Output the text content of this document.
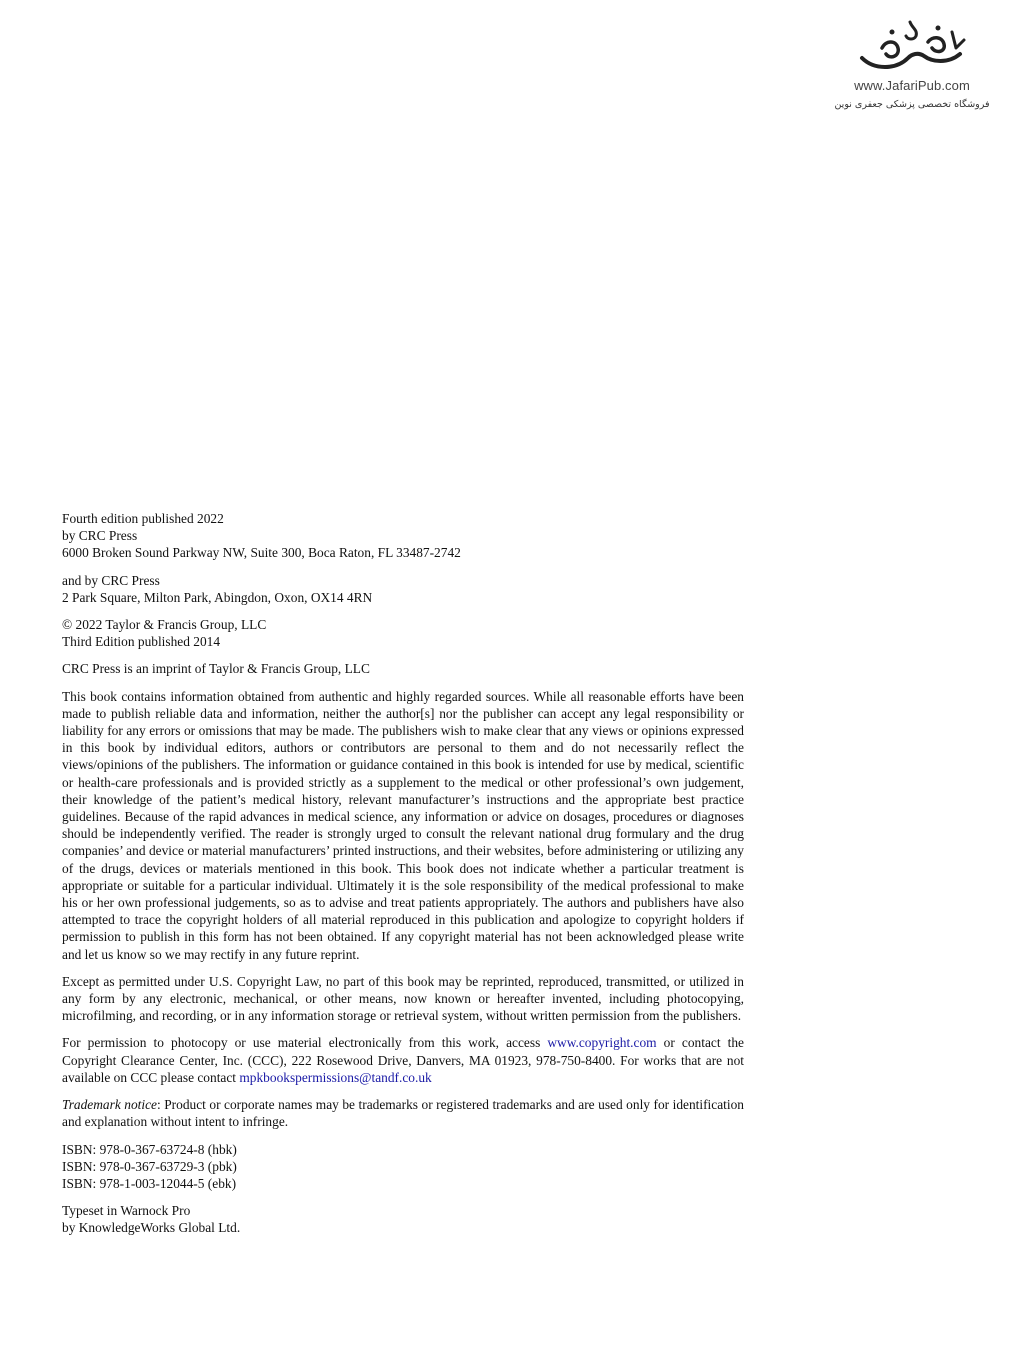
www.JafariPub.com
فروشگاه تخصصی پزشکی جعفری نوین
Fourth edition published 2022
by CRC Press
6000 Broken Sound Parkway NW, Suite 300, Boca Raton, FL 33487-2742
and by CRC Press
2 Park Square, Milton Park, Abingdon, Oxon, OX14 4RN
© 2022 Taylor & Francis Group, LLC
Third Edition published 2014
CRC Press is an imprint of Taylor & Francis Group, LLC

This book contains information obtained from authentic and highly regarded sources. While all reasonable efforts have been made to publish reliable data and information, neither the author[s] nor the publisher can accept any legal responsibility or liability for any errors or omissions that may be made. The publishers wish to make clear that any views or opinions expressed in this book by individual editors, authors or contributors are personal to them and do not necessarily reflect the views/opinions of the publishers. The information or guidance contained in this book is intended for use by medical, scientific or health-care professionals and is provided strictly as a supplement to the medical or other professional’s own judgement, their knowledge of the patient’s medical history, relevant manufacturer’s instructions and the appropriate best practice guidelines. Because of the rapid advances in medical science, any information or advice on dosages, procedures or diagnoses should be independently verified. The reader is strongly urged to consult the relevant national drug formulary and the drug companies’ and device or material manufacturers’ printed instructions, and their websites, before administering or utilizing any of the drugs, devices or materials mentioned in this book. This book does not indicate whether a particular treatment is appropriate or suitable for a particular individual. Ultimately it is the sole responsibility of the medical professional to make his or her own professional judgements, so as to advise and treat patients appropriately. The authors and publishers have also attempted to trace the copyright holders of all material reproduced in this publication and apologize to copyright holders if permission to publish in this form has not been obtained. If any copyright material has not been acknowledged please write and let us know so we may rectify in any future reprint.

Except as permitted under U.S. Copyright Law, no part of this book may be reprinted, reproduced, transmitted, or utilized in any form by any electronic, mechanical, or other means, now known or hereafter invented, including photocopying, microfilming, and recording, or in any information storage or retrieval system, without written permission from the publishers.

For permission to photocopy or use material electronically from this work, access www.copyright.com or contact the Copyright Clearance Center, Inc. (CCC), 222 Rosewood Drive, Danvers, MA 01923, 978-750-8400. For works that are not available on CCC please contact mpkbookspermissions@tandf.co.uk

Trademark notice: Product or corporate names may be trademarks or registered trademarks and are used only for identification and explanation without intent to infringe.

ISBN: 978-0-367-63724-8 (hbk)
ISBN: 978-0-367-63729-3 (pbk)
ISBN: 978-1-003-12044-5 (ebk)
Typeset in Warnock Pro
by KnowledgeWorks Global Ltd.
